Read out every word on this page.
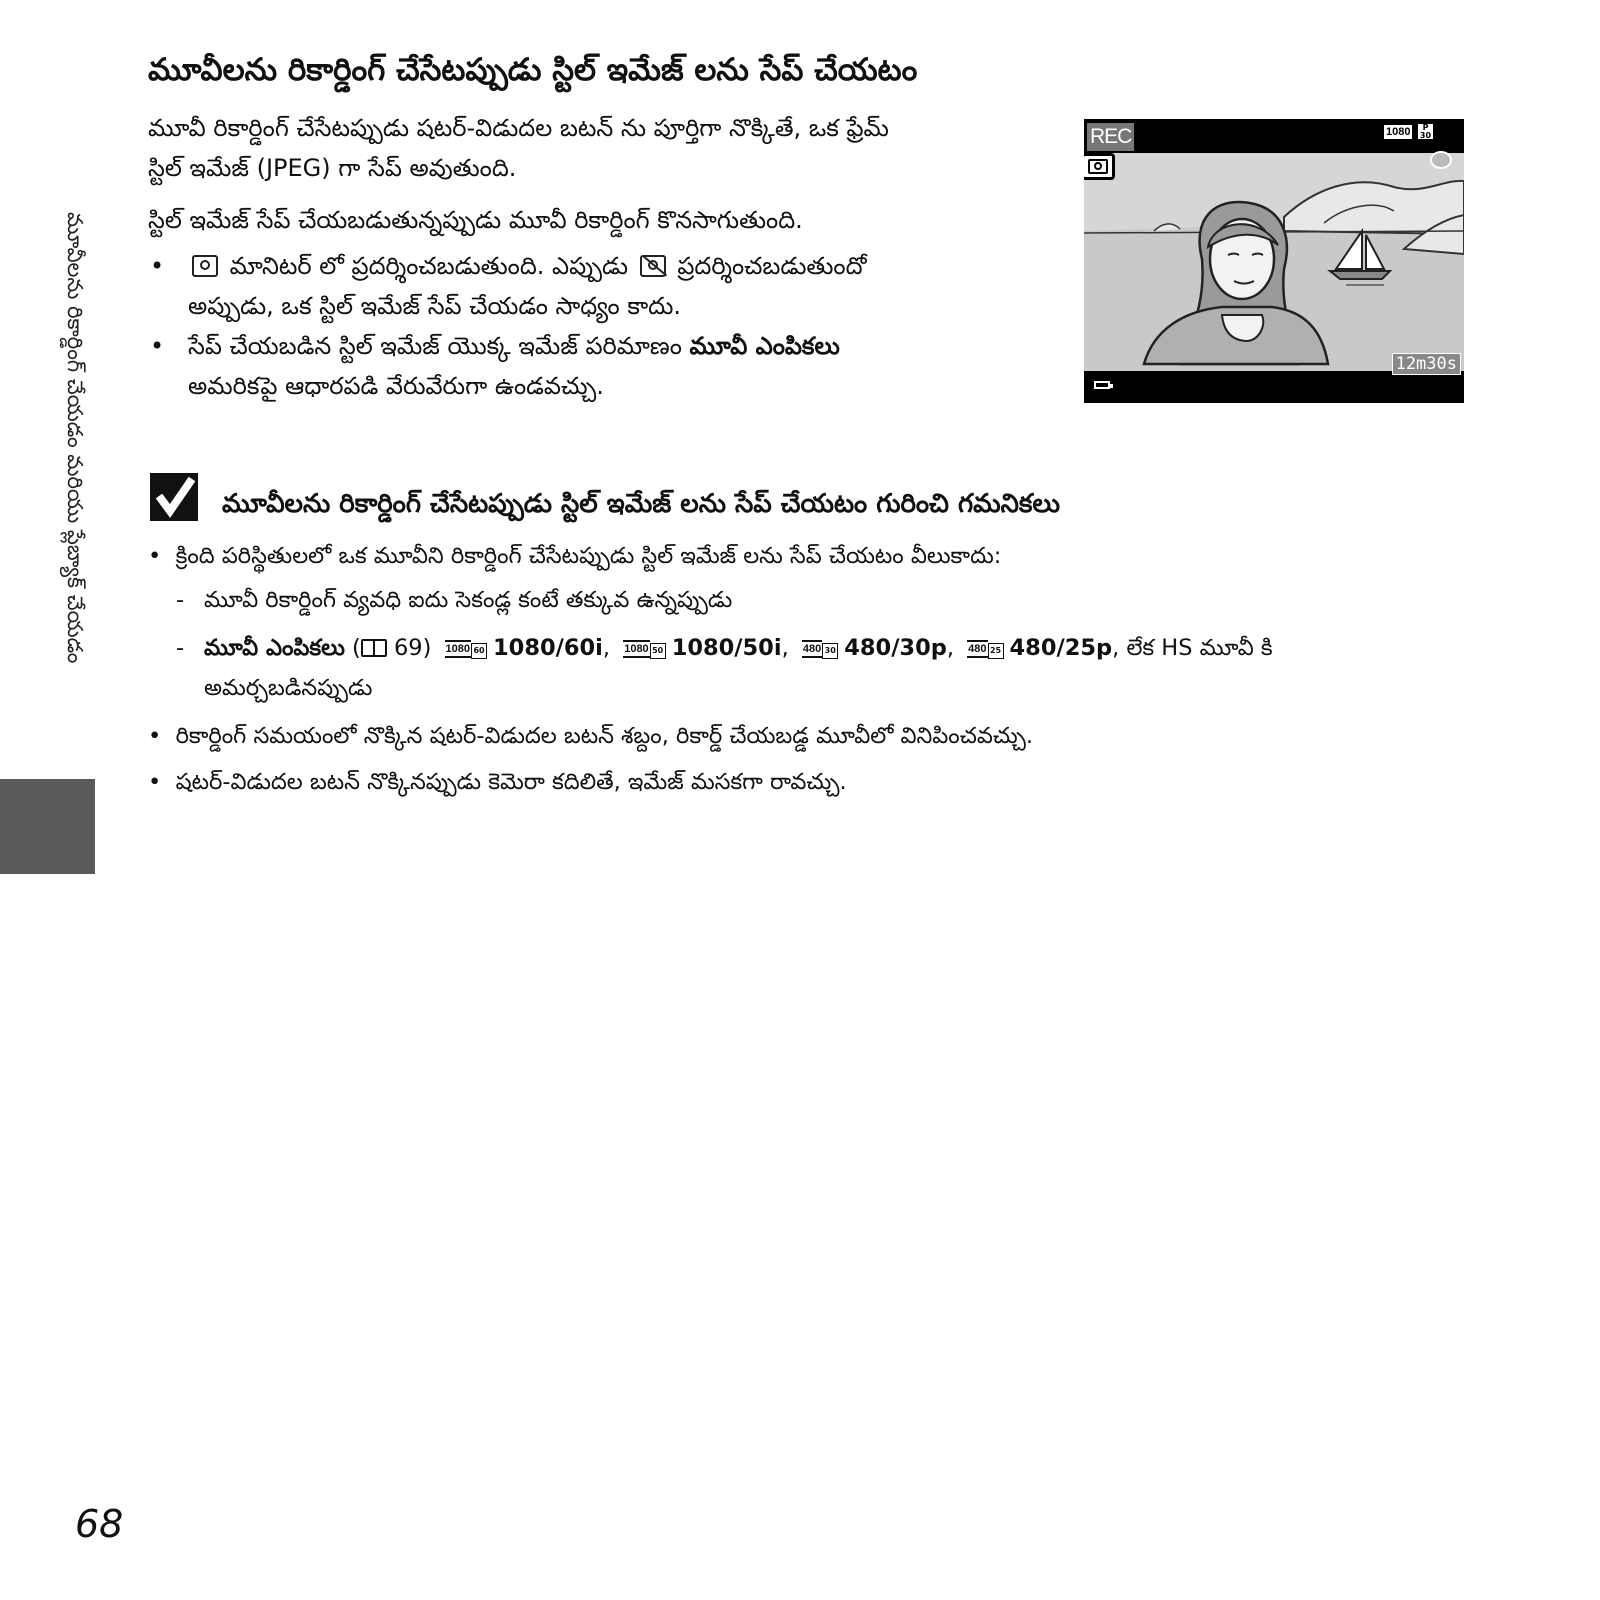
మూవీలను రికార్డింగ్ చేయడం మరియు ప్లేబ్యాక్ చేయడం
మూవీలను రికార్డింగ్ చేసేటప్పుడు స్టిల్ ఇమేజ్ లను సేప్ చేయటం
మూవీ రికార్డింగ్ చేసేటప్పుడు షటర్-విడుదల బటన్ ను పూర్తిగా నొక్కితే, ఒక ఫ్రేమ్
స్టిల్ ఇమేజ్ (JPEG) గా సేప్ అవుతుంది.
స్టిల్ ఇమేజ్ సేప్ చేయబడుతున్నప్పుడు మూవీ రికార్డింగ్ కొనసాగుతుంది.
•	మానిటర్ లో ప్రదర్శించబడుతుంది. ఎప్పుడు ప్రదర్శించబడుతుందో
అప్పుడు, ఒక స్టిల్ ఇమేజ్ సేప్ చేయడం సాధ్యం కాదు.
• సేప్ చేయబడిన స్టిల్ ఇమేజ్ యొక్క ఇమేజ్ పరిమాణం మూవీ ఎంపికలు
అమరికపై ఆధారపడి వేరువేరుగా ఉండవచ్చు.
REC	1080	P 30
12m30s
మూవీలను రికార్డింగ్ చేసేటప్పుడు స్టిల్ ఇమేజ్ లను సేప్ చేయటం గురించి గమనికలు
•  క్రింది పరిస్థితులలో ఒక మూవీని రికార్డింగ్ చేసేటప్పుడు స్టిల్ ఇమేజ్ లను సేప్ చేయటం వీలుకాదు:
- మూవీ రికార్డింగ్ వ్యవధి ఐదు సెకండ్ల కంటే తక్కువ ఉన్నప్పుడు
- మూవీ ఎంపికలు ( 69) 1080 60 1080/60i, 1080 50 1080/50i, 480 30 480/30p, 480 25 480/25p, లేక HS మూవీ కి
అమర్చబడినప్పుడు
•  రికార్డింగ్ సమయంలో నొక్కిన షటర్-విడుదల బటన్ శబ్దం, రికార్డ్ చేయబడ్డ మూవీలో వినిపించవచ్చు.
•  షటర్-విడుదల బటన్ నొక్కినప్పుడు కెమెరా కదిలితే, ఇమేజ్ మసకగా రావచ్చు.
68
